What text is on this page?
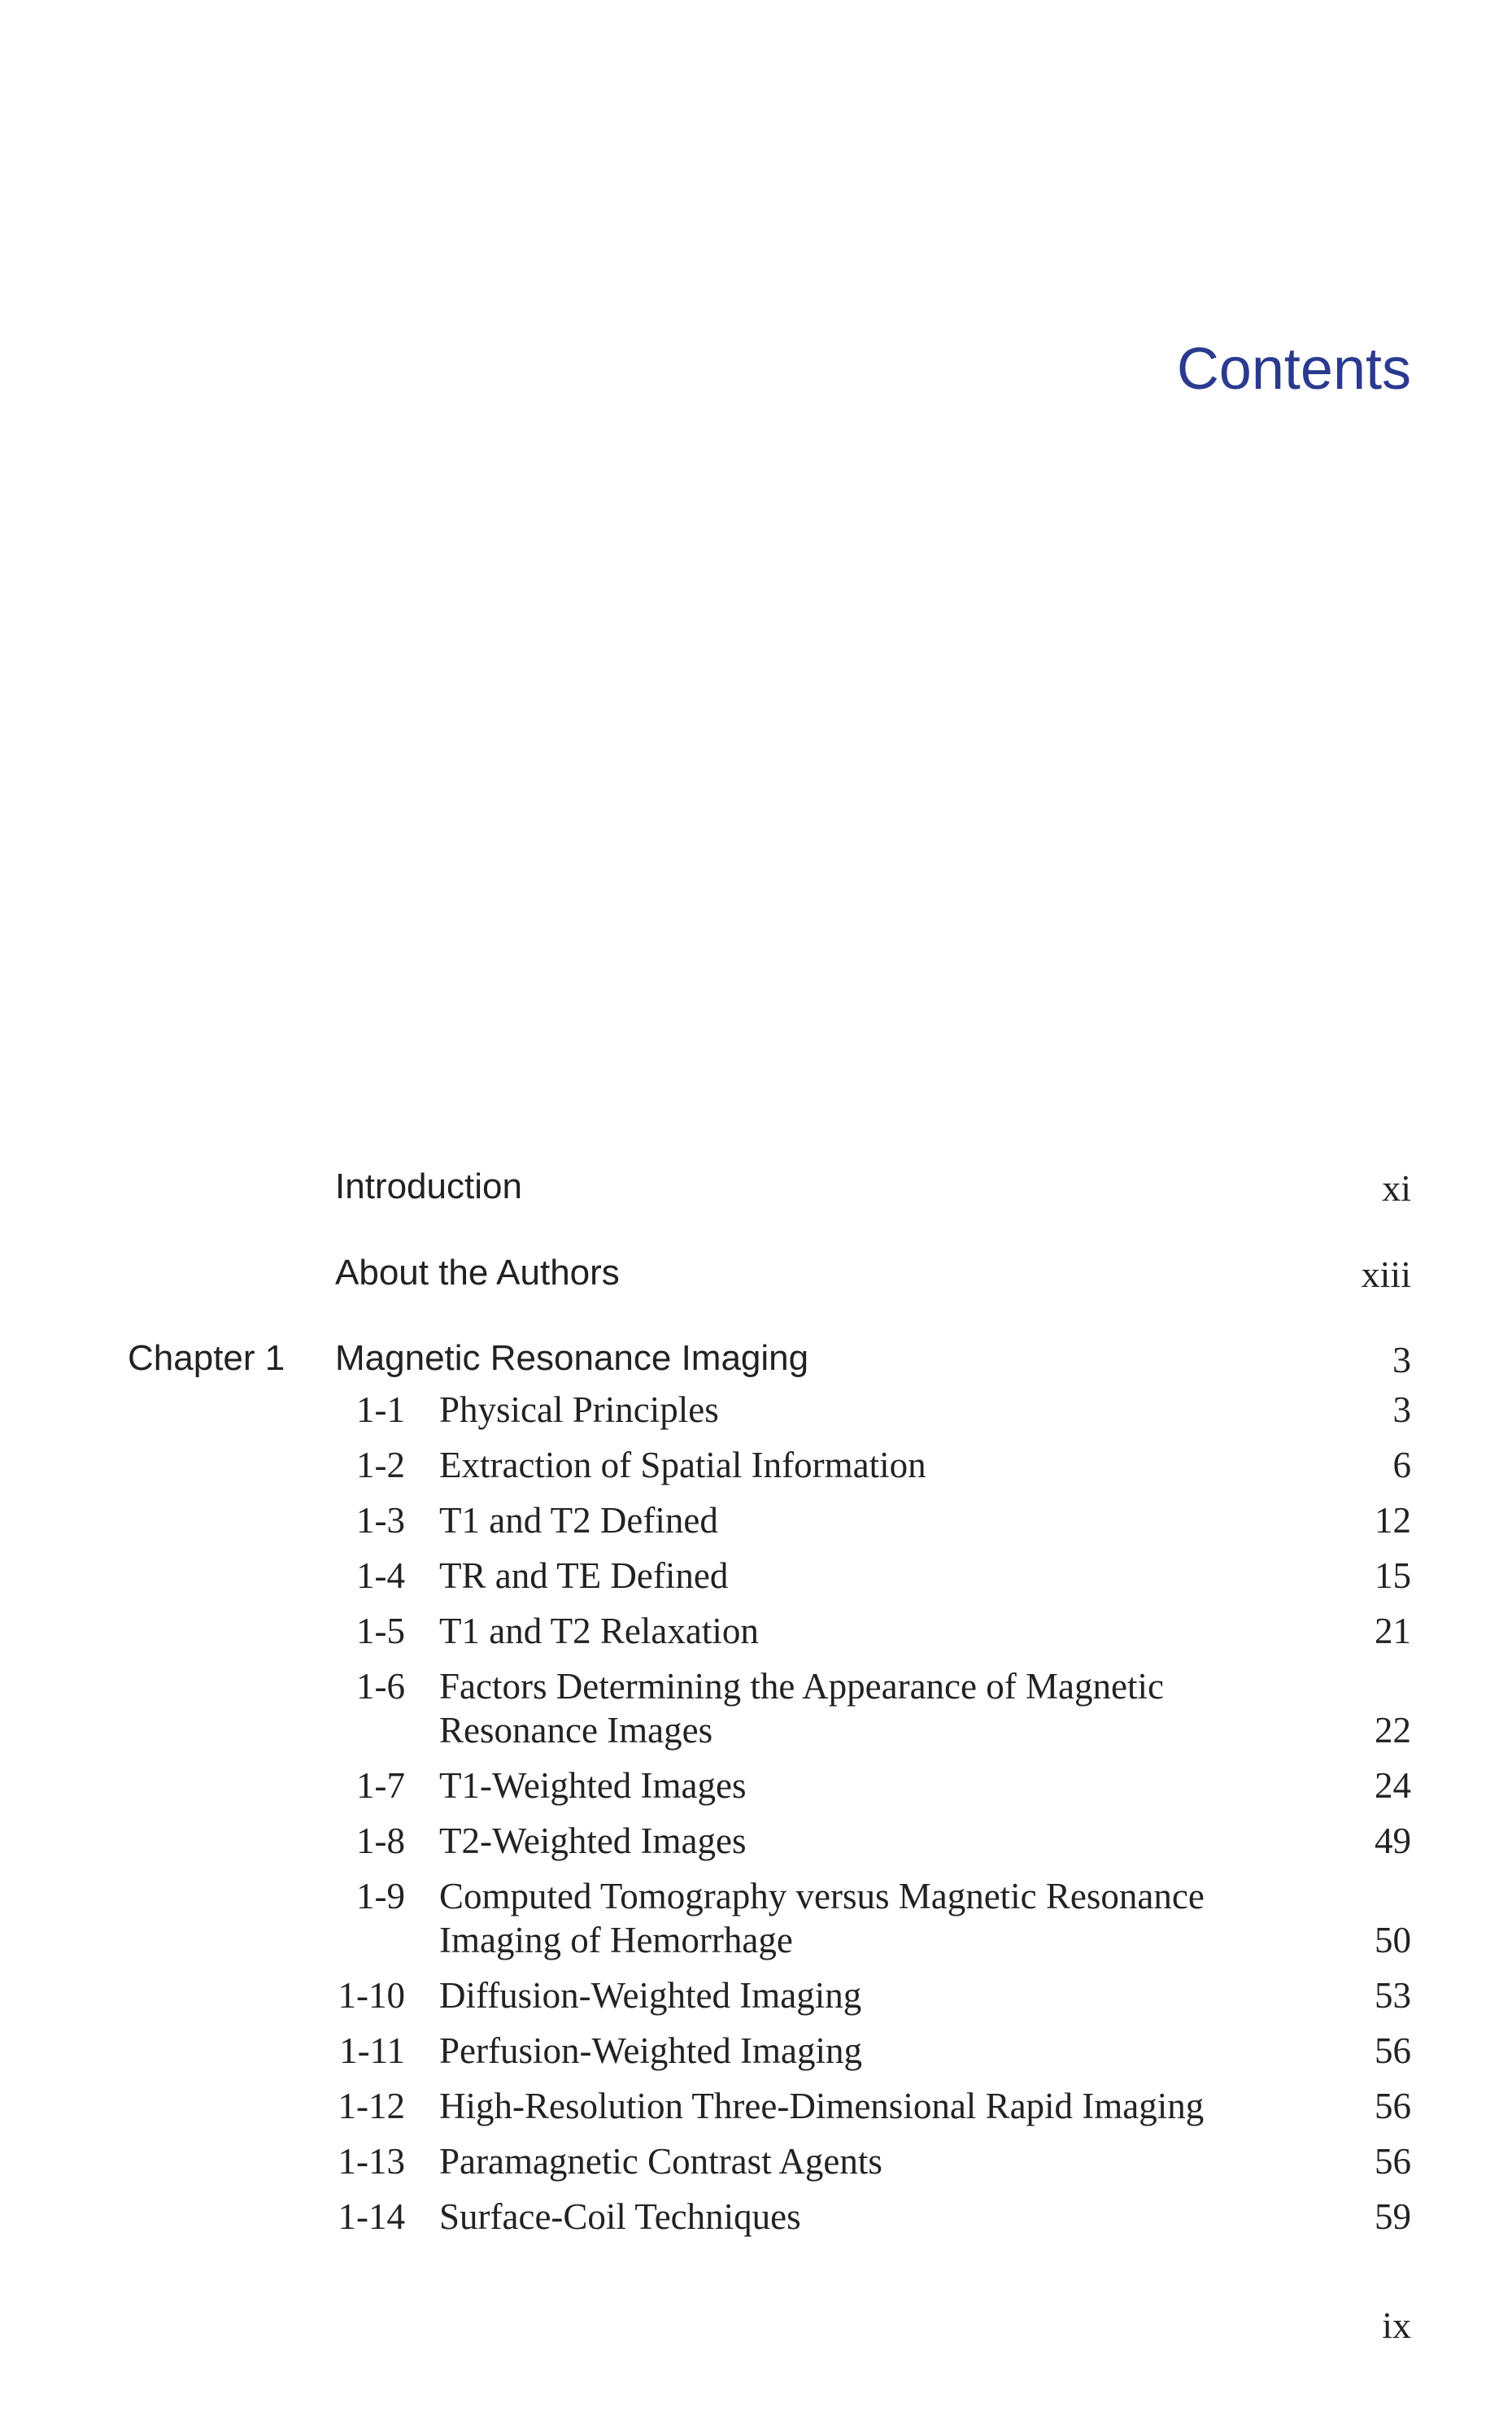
Contents
Introduction	xi
About the Authors	xiii
Chapter 1 Magnetic Resonance Imaging	3
1-1 Physical Principles	3
1-2 Extraction of Spatial Information	6
1-3 T1 and T2 Defined	12
1-4 TR and TE Defined	15
1-5 T1 and T2 Relaxation	21
1-6 Factors Determining the Appearance of Magnetic Resonance Images	22
1-7 T1-Weighted Images	24
1-8 T2-Weighted Images	49
1-9 Computed Tomography versus Magnetic Resonance Imaging of Hemorrhage	50
1-10 Diffusion-Weighted Imaging	53
1-11 Perfusion-Weighted Imaging	56
1-12 High-Resolution Three-Dimensional Rapid Imaging	56
1-13 Paramagnetic Contrast Agents	56
1-14 Surface-Coil Techniques	59
ix
